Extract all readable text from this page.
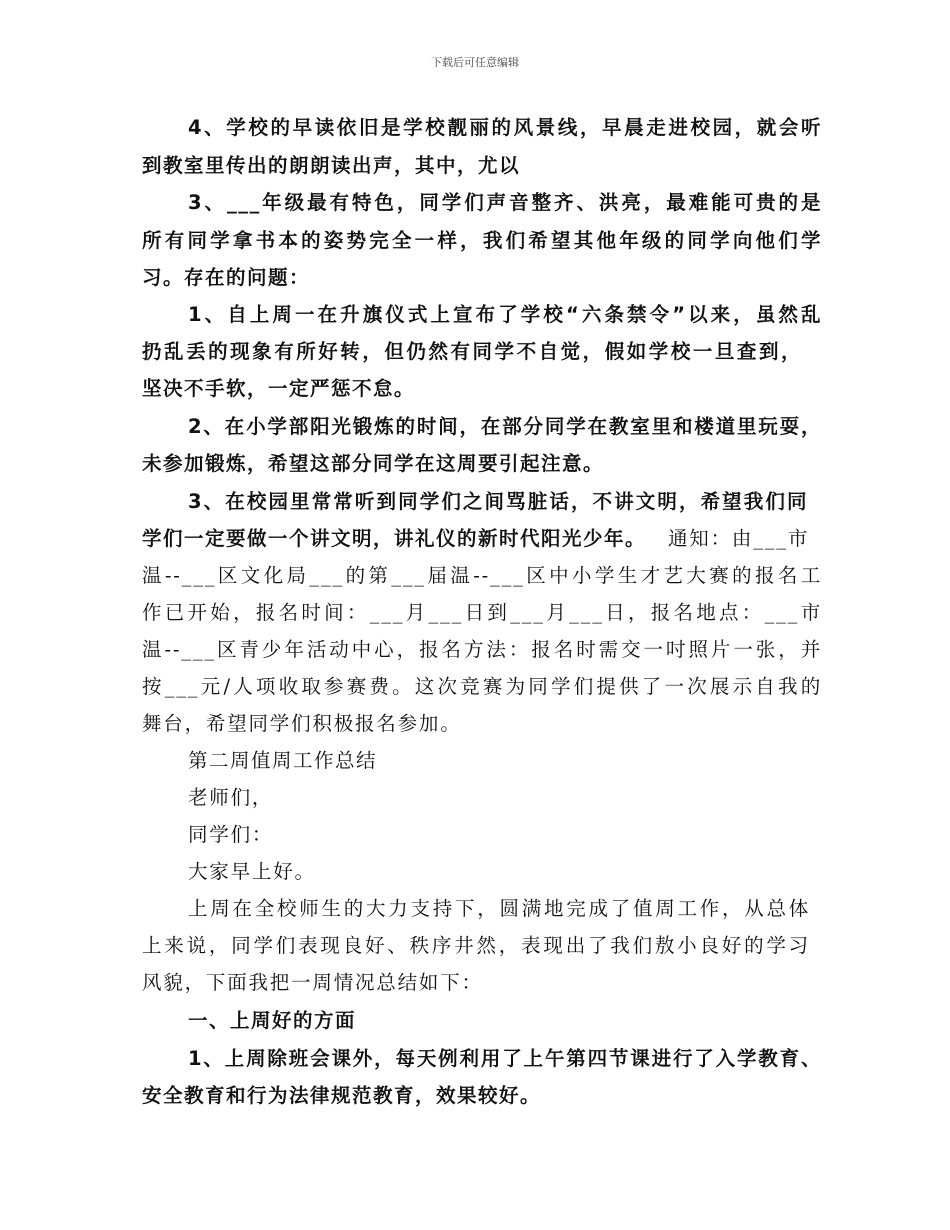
下载后可任意编辑
4、学校的早读依旧是学校靓丽的风景线，早晨走进校园，就会听
到教室里传出的朗朗读出声，其中，尤以
3、___年级最有特色，同学们声音整齐、洪亮，最难能可贵的是
所有同学拿书本的姿势完全一样，我们希望其他年级的同学向他们学
习。存在的问题：
1、自上周一在升旗仪式上宣布了学校“六条禁令”以来，虽然乱
扔乱丢的现象有所好转，但仍然有同学不自觉，假如学校一旦查到，
坚决不手软，一定严惩不怠。
2、在小学部阳光锻炼的时间，在部分同学在教室里和楼道里玩耍，
未参加锻炼，希望这部分同学在这周要引起注意。
3、在校园里常常听到同学们之间骂脏话，不讲文明，希望我们同
学们一定要做一个讲文明，讲礼仪的新时代阳光少年。 通知：由___市
温--___区文化局___的第___届温--___区中小学生才艺大赛的报名工
作已开始，报名时间：___月___日到___月___日，报名地点：___市
温--___区青少年活动中心，报名方法：报名时需交一吋照片一张，并
按___元/人项收取参赛费。这次竞赛为同学们提供了一次展示自我的
舞台，希望同学们积极报名参加。
第二周值周工作总结
老师们，
同学们：
大家早上好。
上周在全校师生的大力支持下，圆满地完成了值周工作，从总体
上来说，同学们表现良好、秩序井然，表现出了我们敖小良好的学习
风貌，下面我把一周情况总结如下：
一、上周好的方面
1、上周除班会课外，每天例利用了上午第四节课进行了入学教育、
安全教育和行为法律规范教育，效果较好。
